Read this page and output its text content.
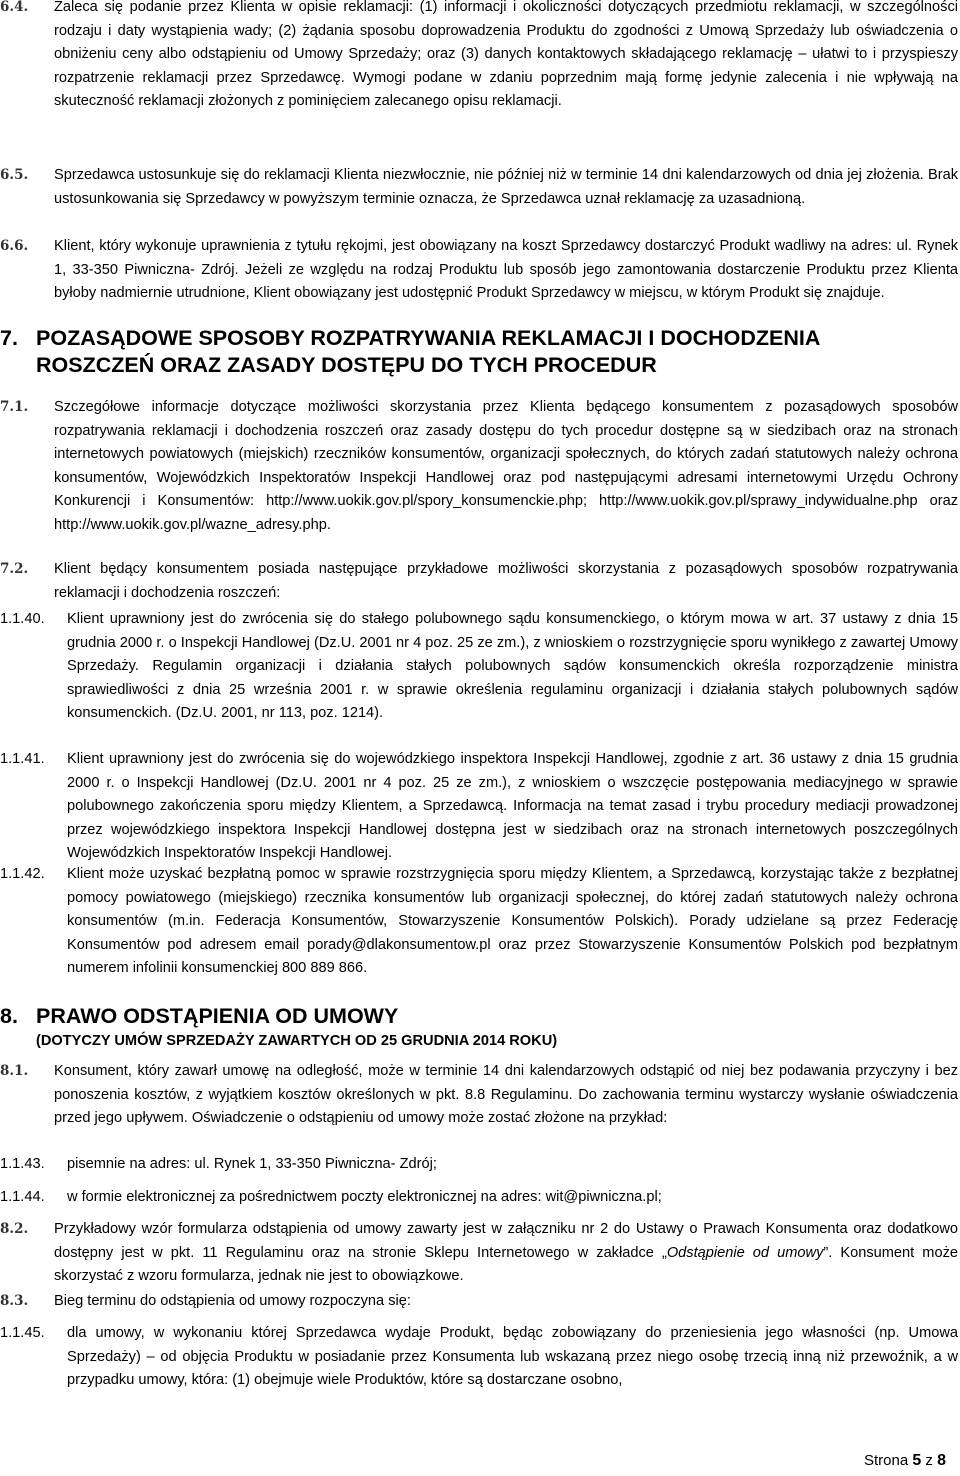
6.4. Zalecа się podanie przez Klienta w opisie reklamacji: (1) informacji i okoliczności dotyczących przedmiotu reklamacji, w szczególności rodzaju i daty wystąpienia wady; (2) żądania sposobu doprowadzenia Produktu do zgodności z Umową Sprzedaży lub oświadczenia o obniżeniu ceny albo odstąpieniu od Umowy Sprzedaży; oraz (3) danych kontaktowych składającego reklamację – ułatwi to i przyspieszy rozpatrzenie reklamacji przez Sprzedawcę. Wymogi podane w zdaniu poprzednim mają formę jedynie zalecenia i nie wpływają na skuteczność reklamacji złożonych z pominięciem zalecanego opisu reklamacji.
6.5. Sprzedawca ustosunkuje się do reklamacji Klienta niezwłocznie, nie później niż w terminie 14 dni kalendarzowych od dnia jej złożenia. Brak ustosunkowania się Sprzedawcy w powyższym terminie oznacza, że Sprzedawca uznał reklamację za uzasadnioną.
6.6. Klient, który wykonuje uprawnienia z tytułu rękojmi, jest obowiązany na koszt Sprzedawcy dostarczyć Produkt wadliwy na adres: ul. Rynek 1, 33-350 Piwniczna- Zdrój. Jeżeli ze względu na rodzaj Produktu lub sposób jego zamontowania dostarczenie Produktu przez Klienta byłoby nadmiernie utrudnione, Klient obowiązany jest udostępnić Produkt Sprzedawcy w miejscu, w którym Produkt się znajduje.
7. POZASĄDOWE SPOSOBY ROZPATRYWANIA REKLAMACJI I DOCHODZENIA
ROSZCZEŃ ORAZ ZASADY DOSTĘPU DO TYCH PROCEDUR
7.1. Szczegółowe informacje dotyczące możliwości skorzystania przez Klienta będącego konsumentem z pozasądowych sposobów rozpatrywania reklamacji i dochodzenia roszczeń oraz zasady dostępu do tych procedur dostępne są w siedzibach oraz na stronach internetowych powiatowych (miejskich) rzeczników konsumentów, organizacji społecznych, do których zadań statutowych należy ochrona konsumentów, Wojewódzkich Inspektoratów Inspekcji Handlowej oraz pod następującymi adresami internetowymi Urzędu Ochrony Konkurencji i Konsumentów: http://www.uokik.gov.pl/spory_konsumenckie.php; http://www.uokik.gov.pl/sprawy_indywidualne.php oraz http://www.uokik.gov.pl/wazne_adresy.php.
7.2. Klient będący konsumentem posiada następujące przykładowe możliwości skorzystania z pozasądowych sposobów rozpatrywania reklamacji i dochodzenia roszczeń:
1.1.40. Klient uprawniony jest do zwrócenia się do stałego polubownego sądu konsumenckiego, o którym mowa w art. 37 ustawy z dnia 15 grudnia 2000 r. o Inspekcji Handlowej (Dz.U. 2001 nr 4 poz. 25 ze zm.), z wnioskiem o rozstrzygnięcie sporu wynikłego z zawartej Umowy Sprzedaży. Regulamin organizacji i działania stałych polubownych sądów konsumenckich określa rozporządzenie ministra sprawiedliwości z dnia 25 września 2001 r. w sprawie określenia regulaminu organizacji i działania stałych polubownych sądów konsumenckich. (Dz.U. 2001, nr 113, poz. 1214).
1.1.41. Klient uprawniony jest do zwrócenia się do wojewódzkiego inspektora Inspekcji Handlowej, zgodnie z art. 36 ustawy z dnia 15 grudnia 2000 r. o Inspekcji Handlowej (Dz.U. 2001 nr 4 poz. 25 ze zm.), z wnioskiem o wszczęcie postępowania mediacyjnego w sprawie polubownego zakończenia sporu między Klientem, a Sprzedawcą. Informacja na temat zasad i trybu procedury mediacji prowadzonej przez wojewódzkiego inspektora Inspekcji Handlowej dostępna jest w siedzibach oraz na stronach internetowych poszczególnych Wojewódzkich Inspektoratów Inspekcji Handlowej.
1.1.42. Klient może uzyskać bezpłatną pomoc w sprawie rozstrzygnięcia sporu między Klientem, a Sprzedawcą, korzystając także z bezpłatnej pomocy powiatowego (miejskiego) rzecznika konsumentów lub organizacji społecznej, do której zadań statutowych należy ochrona konsumentów (m.in. Federacja Konsumentów, Stowarzyszenie Konsumentów Polskich). Porady udzielane są przez Federację Konsumentów pod adresem email porady@dlakonsumentow.pl oraz przez Stowarzyszenie Konsumentów Polskich pod bezpłatnym numerem infolinii konsumenckiej 800 889 866.
8. PRAWO ODSTĄPIENIA OD UMOWY
(DOTYCZY UMÓW SPRZEDAŻY ZAWARTYCH OD 25 GRUDNIA 2014 ROKU)
8.1. Konsument, który zawarł umowę na odległość, może w terminie 14 dni kalendarzowych odstąpić od niej bez podawania przyczyny i bez ponoszenia kosztów, z wyjątkiem kosztów określonych w pkt. 8.8 Regulaminu. Do zachowania terminu wystarczy wysłanie oświadczenia przed jego upływem. Oświadczenie o odstąpieniu od umowy może zostać złożone na przykład:
1.1.43. pisemnie na adres: ul. Rynek 1, 33-350 Piwniczna- Zdrój;
1.1.44. w formie elektronicznej za pośrednictwem poczty elektronicznej na adres: wit@piwniczna.pl;
8.2. Przykładowy wzór formularza odstąpienia od umowy zawarty jest w załączniku nr 2 do Ustawy o Prawach Konsumenta oraz dodatkowo dostępny jest w pkt. 11 Regulaminu oraz na stronie Sklepu Internetowego w zakładce „Odstąpienie od umowy”. Konsument może skorzystać z wzoru formularza, jednak nie jest to obowiązkowe.
8.3. Bieg terminu do odstąpienia od umowy rozpoczyna się:
1.1.45. dla umowy, w wykonaniu której Sprzedawca wydaje Produkt, będąc zobowiązany do przeniesienia jego własności (np. Umowa Sprzedaży) – od objęcia Produktu w posiadanie przez Konsumenta lub wskazaną przez niego osobę trzecią inną niż przewoźnik, a w przypadku umowy, która: (1) obejmuje wiele Produktów, które są dostarczane osobno,
Strona 5 z 8
